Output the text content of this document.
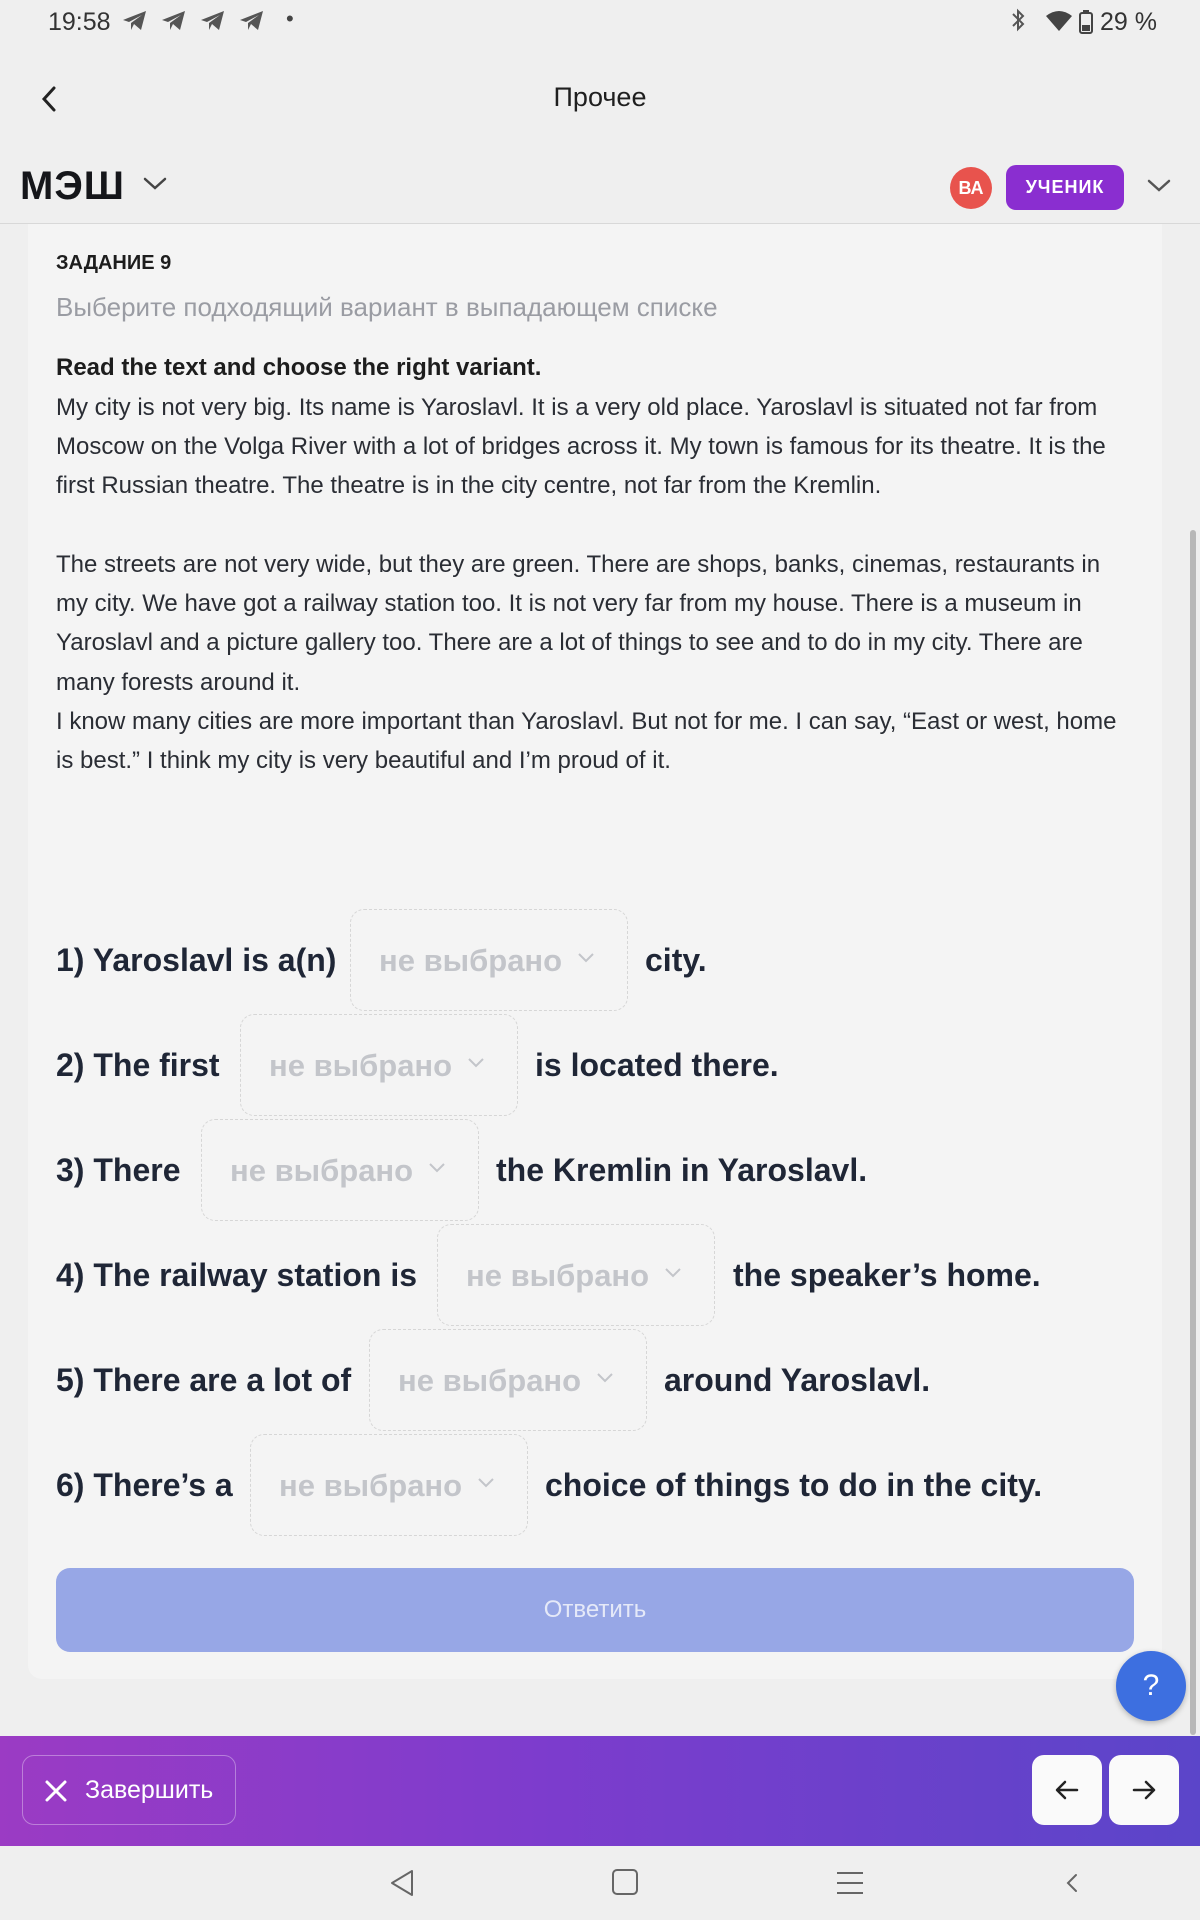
19:58	•	29 %
Прочее
МЭШ	ВА	УЧЕНИК
ЗАДАНИЕ 9
Выберите подходящий вариант в выпадающем списке
Read the text and choose the right variant.
My city is not very big. Its name is Yaroslavl. It is a very old place. Yaroslavl is situated not far from Moscow on the Volga River with a lot of bridges across it. My town is famous for its theatre. It is the first Russian theatre. The theatre is in the city centre, not far from the Kremlin.
The streets are not very wide, but they are green. There are shops, banks, cinemas, restaurants in my city. We have got a railway station too. It is not very far from my house. There is a museum in Yaroslavl and a picture gallery too. There are a lot of things to see and to do in my city. There are many forests around it.
I know many cities are more important than Yaroslavl. But not for me. I can say, “East or west, home is best.” I think my city is very beautiful and I’m proud of it.
1) Yaroslavl is a(n) не выбрано	city.
2) The first не выбрано	is located there.
3) There не выбрано	the Kremlin in Yaroslavl.
4) The railway station is не выбрано	the speaker’s home.
5) There are a lot of не выбрано	around Yaroslavl.
6) There’s a не выбрано	choice of things to do in the city.
Ответить
?
Завершить
